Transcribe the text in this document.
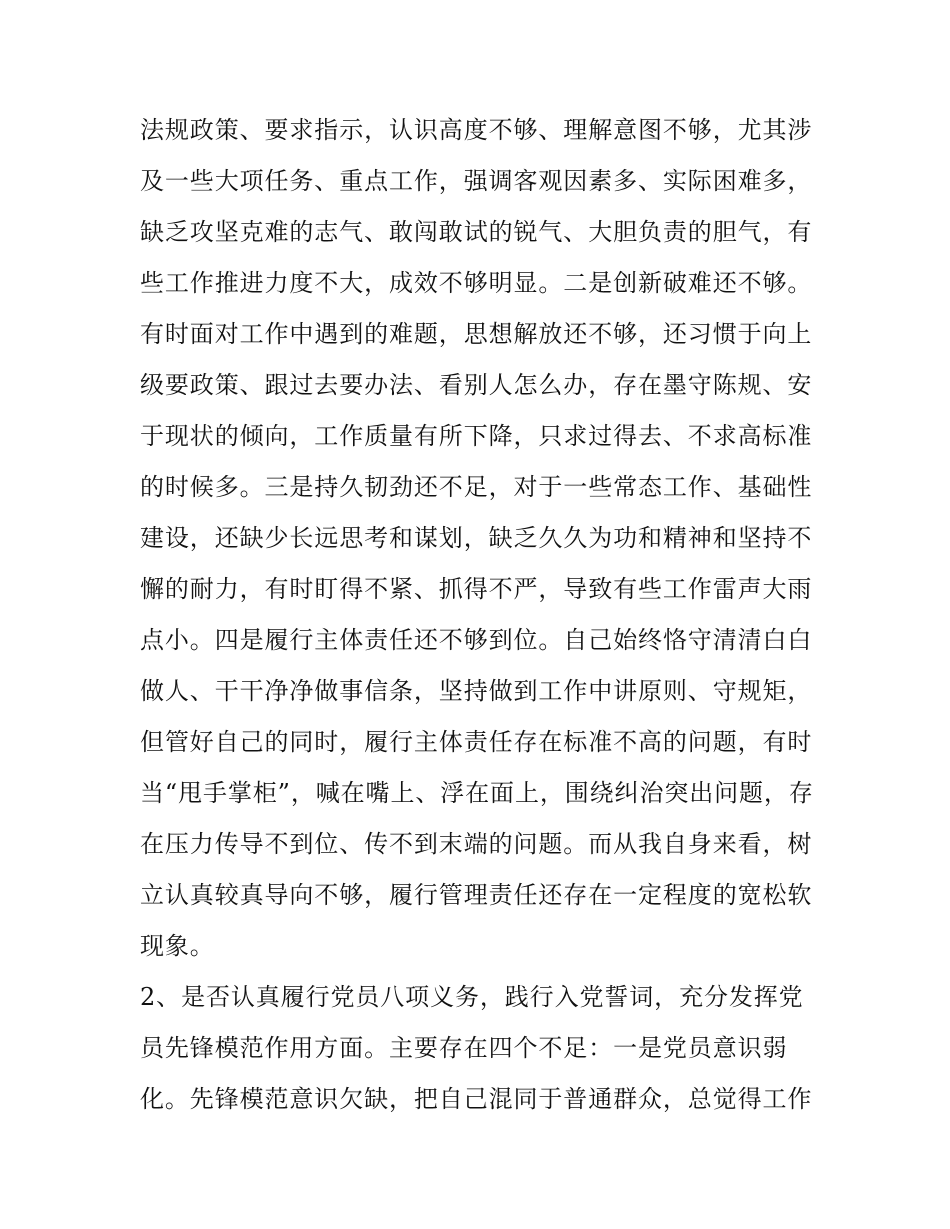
法规政策、要求指示，认识高度不够、理解意图不够，尤其涉
及一些大项任务、重点工作，强调客观因素多、实际困难多，
缺乏攻坚克难的志气、敢闯敢试的锐气、大胆负责的胆气，有
些工作推进力度不大，成效不够明显。二是创新破难还不够。
有时面对工作中遇到的难题，思想解放还不够，还习惯于向上
级要政策、跟过去要办法、看别人怎么办，存在墨守陈规、安
于现状的倾向，工作质量有所下降，只求过得去、不求高标准
的时候多。三是持久韧劲还不足，对于一些常态工作、基础性
建设，还缺少长远思考和谋划，缺乏久久为功和精神和坚持不
懈的耐力，有时盯得不紧、抓得不严，导致有些工作雷声大雨
点小。四是履行主体责任还不够到位。自己始终恪守清清白白
做人、干干净净做事信条，坚持做到工作中讲原则、守规矩，
但管好自己的同时，履行主体责任存在标准不高的问题，有时
当“甩手掌柜”，喊在嘴上、浮在面上，围绕纠治突出问题，存
在压力传导不到位、传不到末端的问题。而从我自身来看，树
立认真较真导向不够，履行管理责任还存在一定程度的宽松软
现象。
2、是否认真履行党员八项义务，践行入党誓词，充分发挥党
员先锋模范作用方面。主要存在四个不足：一是党员意识弱
化。先锋模范意识欠缺，把自己混同于普通群众，总觉得工作
